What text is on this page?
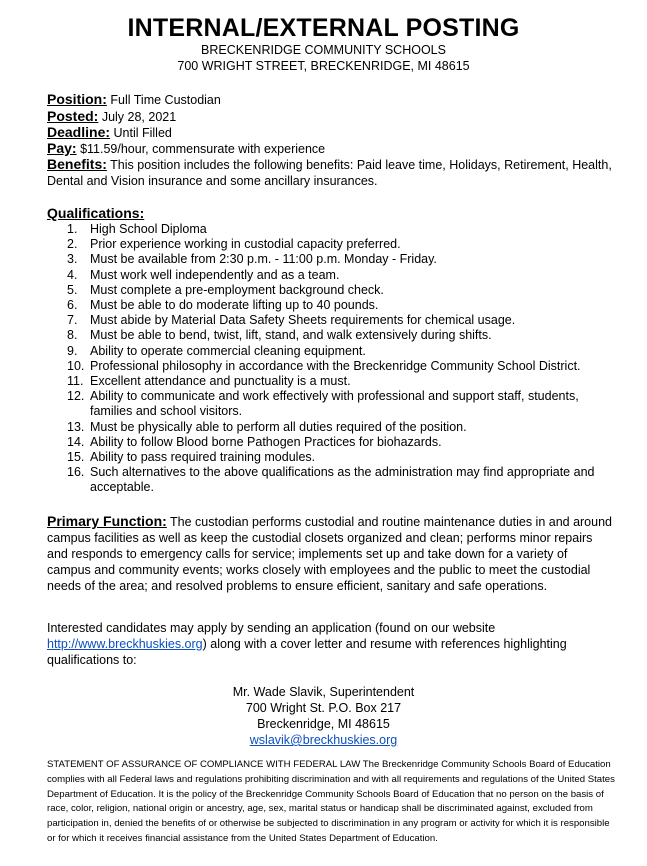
INTERNAL/EXTERNAL POSTING
BRECKENRIDGE COMMUNITY SCHOOLS
700 WRIGHT STREET, BRECKENRIDGE, MI 48615
Position: Full Time Custodian
Posted: July 28, 2021
Deadline: Until Filled
Pay: $11.59/hour, commensurate with experience
Benefits: This position includes the following benefits: Paid leave time, Holidays, Retirement, Health, Dental and Vision insurance and some ancillary insurances.
Qualifications:
1.	High School Diploma
2.	Prior experience working in custodial capacity preferred.
3.	Must be available from 2:30 p.m. - 11:00 p.m. Monday - Friday.
4.	Must work well independently and as a team.
5.	Must complete a pre-employment background check.
6.	Must be able to do moderate lifting up to 40 pounds.
7.	Must abide by Material Data Safety Sheets requirements for chemical usage.
8.	Must be able to bend, twist, lift, stand, and walk extensively during shifts.
9.	Ability to operate commercial cleaning equipment.
10. Professional philosophy in accordance with the Breckenridge Community School District.
11. Excellent attendance and punctuality is a must.
12. Ability to communicate and work effectively with professional and support staff, students, families and school visitors.
13. Must be physically able to perform all duties required of the position.
14. Ability to follow Blood borne Pathogen Practices for biohazards.
15. Ability to pass required training modules.
16. Such alternatives to the above qualifications as the administration may find appropriate and acceptable.
Primary Function: The custodian performs custodial and routine maintenance duties in and around campus facilities as well as keep the custodial closets organized and clean; performs minor repairs and responds to emergency calls for service; implements set up and take down for a variety of campus and community events; works closely with employees and the public to meet the custodial needs of the area; and resolved problems to ensure efficient, sanitary and safe operations.
Interested candidates may apply by sending an application (found on our website
http://www.breckhuskies.org) along with a cover letter and resume with references highlighting qualifications to:
Mr. Wade Slavik, Superintendent
700 Wright St. P.O. Box 217
Breckenridge, MI 48615
wslavik@breckhuskies.org
STATEMENT OF ASSURANCE OF COMPLIANCE WITH FEDERAL LAW The Breckenridge Community Schools Board of Education complies with all Federal laws and regulations prohibiting discrimination and with all requirements and regulations of the United States Department of Education. It is the policy of the Breckenridge Community Schools Board of Education that no person on the basis of race, color, religion, national origin or ancestry, age, sex, marital status or handicap shall be discriminated against, excluded from participation in, denied the benefits of or otherwise be subjected to discrimination in any program or activity for which it is responsible or for which it receives financial assistance from the United States Department of Education.
